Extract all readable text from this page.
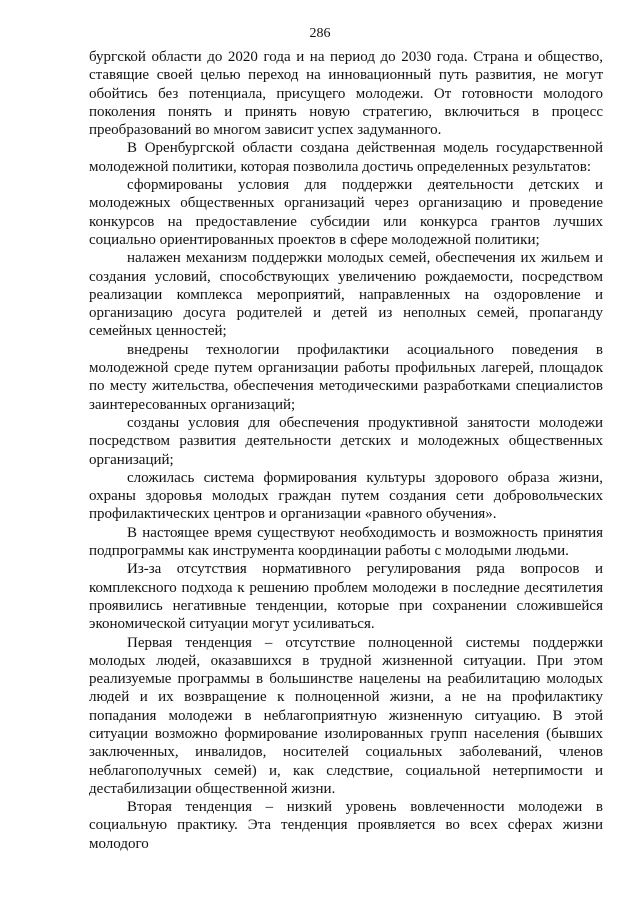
286

бургской области до 2020 года и на период до 2030 года. Страна и общество, ставящие своей целью переход на инновационный путь развития, не могут обойтись без потенциала, присущего молодежи. От готовности молодого поколения понять и принять новую стратегию, включиться в процесс преобразований во многом зависит успех задуманного.

В Оренбургской области создана действенная модель государственной молодежной политики, которая позволила достичь определенных результатов:

сформированы условия для поддержки деятельности детских и молодежных общественных организаций через организацию и проведение конкурсов на предоставление субсидии или конкурса грантов лучших социально ориентированных проектов в сфере молодежной политики;

налажен механизм поддержки молодых семей, обеспечения их жильем и создания условий, способствующих увеличению рождаемости, посредством реализации комплекса мероприятий, направленных на оздоровление и организацию досуга родителей и детей из неполных семей, пропаганду семейных ценностей;

внедрены технологии профилактики асоциального поведения в молодежной среде путем организации работы профильных лагерей, площадок по месту жительства, обеспечения методическими разработками специалистов заинтересованных организаций;

созданы условия для обеспечения продуктивной занятости молодежи посредством развития деятельности детских и молодежных общественных организаций;

сложилась система формирования культуры здорового образа жизни, охраны здоровья молодых граждан путем создания сети добровольческих профилактических центров и организации «равного обучения».

В настоящее время существуют необходимость и возможность принятия подпрограммы как инструмента координации работы с молодыми людьми.

Из-за отсутствия нормативного регулирования ряда вопросов и комплексного подхода к решению проблем молодежи в последние десятилетия проявились негативные тенденции, которые при сохранении сложившейся экономической ситуации могут усиливаться.

Первая тенденция – отсутствие полноценной системы поддержки молодых людей, оказавшихся в трудной жизненной ситуации. При этом реализуемые программы в большинстве нацелены на реабилитацию молодых людей и их возвращение к полноценной жизни, а не на профилактику попадания молодежи в неблагоприятную жизненную ситуацию. В этой ситуации возможно формирование изолированных групп населения (бывших заключенных, инвалидов, носителей социальных заболеваний, членов неблагополучных семей) и, как следствие, социальной нетерпимости и дестабилизации общественной жизни.

Вторая тенденция – низкий уровень вовлеченности молодежи в социальную практику. Эта тенденция проявляется во всех сферах жизни молодого
